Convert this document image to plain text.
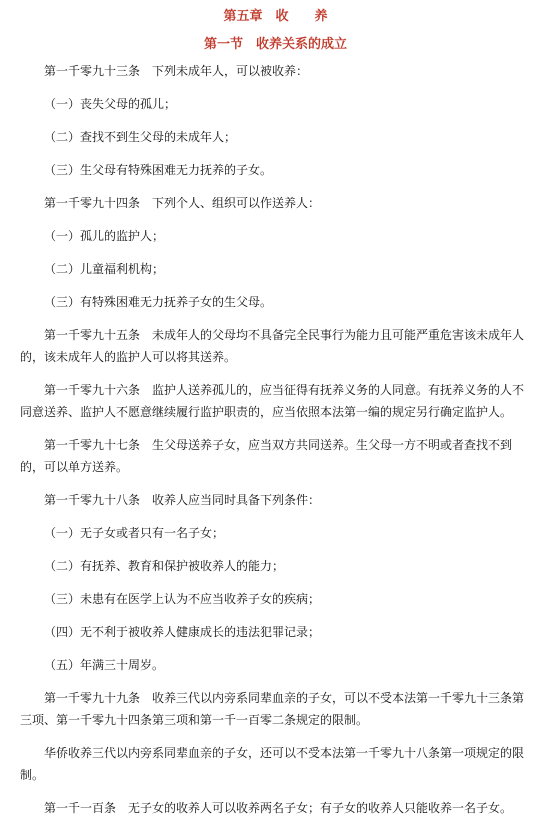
第五章　收　　养
第一节　收养关系的成立

第一千零九十三条　下列未成年人，可以被收养：

（一）丧失父母的孤儿；

（二）查找不到生父母的未成年人；

（三）生父母有特殊困难无力抚养的子女。

第一千零九十四条　下列个人、组织可以作送养人：

（一）孤儿的监护人；

（二）儿童福利机构；

（三）有特殊困难无力抚养子女的生父母。

第一千零九十五条　未成年人的父母均不具备完全民事行为能力且可能严重危害该未成年人的，该未成年人的监护人可以将其送养。

第一千零九十六条　监护人送养孤儿的，应当征得有抚养义务的人同意。有抚养义务的人不同意送养、监护人不愿意继续履行监护职责的，应当依照本法第一编的规定另行确定监护人。

第一千零九十七条　生父母送养子女，应当双方共同送养。生父母一方不明或者查找不到的，可以单方送养。

第一千零九十八条　收养人应当同时具备下列条件：

（一）无子女或者只有一名子女；

（二）有抚养、教育和保护被收养人的能力；

（三）未患有在医学上认为不应当收养子女的疾病；

（四）无不利于被收养人健康成长的违法犯罪记录；

（五）年满三十周岁。

第一千零九十九条　收养三代以内旁系同辈血亲的子女，可以不受本法第一千零九十三条第三项、第一千零九十四条第三项和第一千一百零二条规定的限制。

华侨收养三代以内旁系同辈血亲的子女，还可以不受本法第一千零九十八条第一项规定的限制。

第一千一百条　无子女的收养人可以收养两名子女；有子女的收养人只能收养一名子女。
